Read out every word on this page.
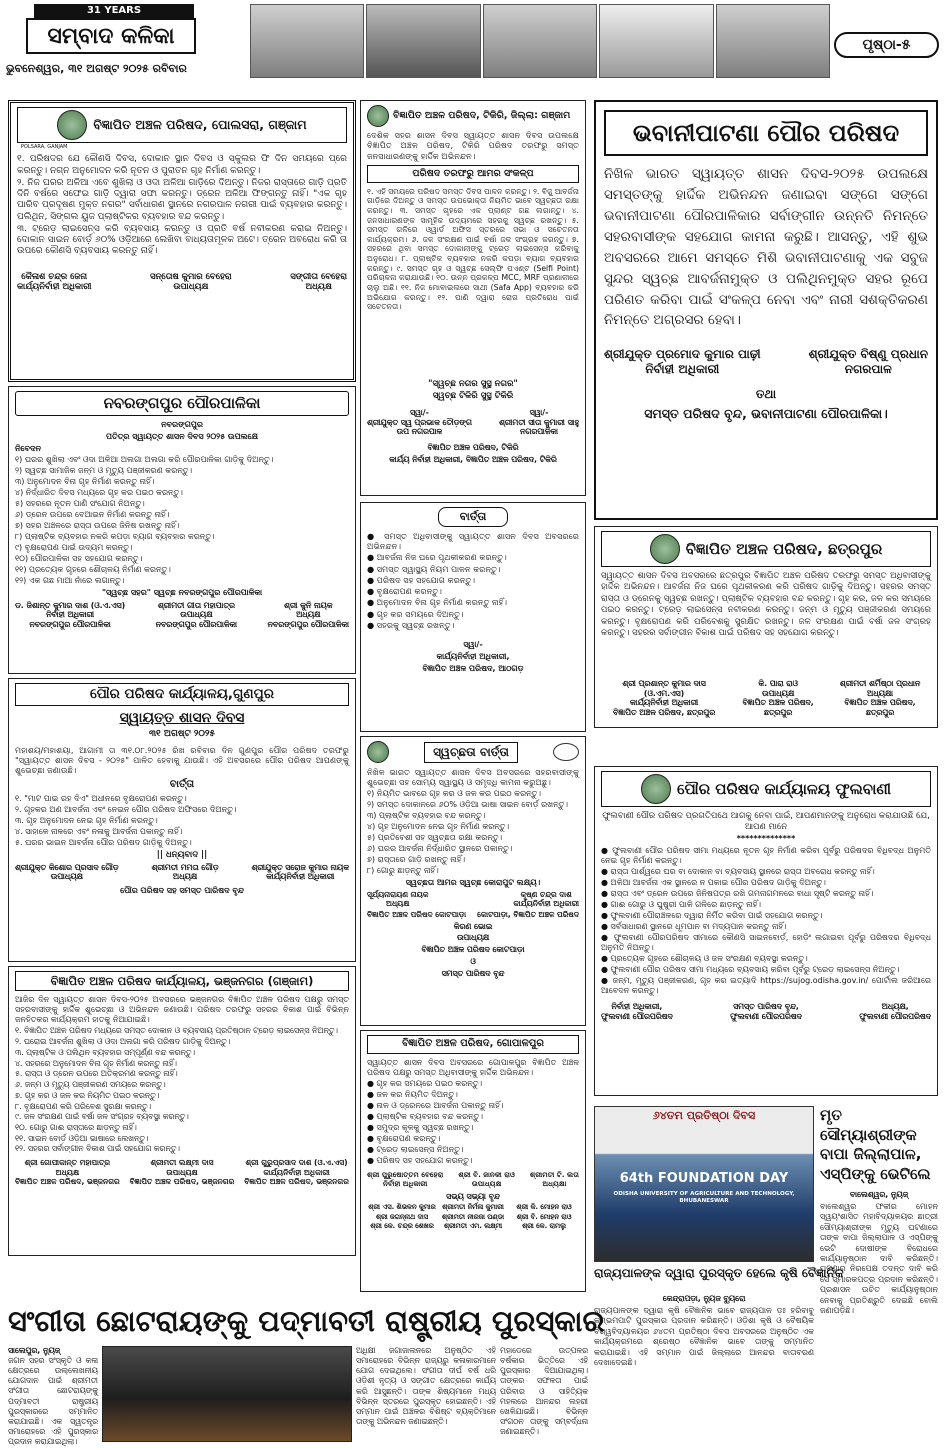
31 YEARS
ସମ୍ବାଦ କଳିକା
ଭୁବନେଶ୍ୱର, ୩୧ ଅଗଷ୍ଟ ୨୦୨୫ ରବିବାର
ପୃଷ୍ଠା-୫
ବିଜ୍ଞାପିତ ଅଞ୍ଚଳ ପରିଷଦ, ପୋଲସରା, ଗଞ୍ଜାମ
POLSARA, GANJAM
୧. ପରିଷଦର ଯେ କୌଣସି ଦିବସ, ଦୋକାନ ସ୍ଥାନ ଦିବସ ଓ ସ୍କୁଲର ଫି ଦିନ ସମୟରେ ପ୍ରେ କରନ୍ତୁ। ନଗ୍ନ ଅନୁମୋଦନ କରି ନୂତନ ଓ ପୁରାତନ ଗୃହ ନିର୍ମାଣ କରନ୍ତୁ।
୨. ନିଜ ଘରର ଅଳିଆ ଏବେ ଶୁଖିଲା ଓ ଓଦା ଅଳିଆ ଗାଡ଼ିରେ ଦିଅନ୍ତୁ। ନିଜର ରାସ୍ତାରେ ଗାଡ଼ି ପ୍ରତି ଦିନି ବର୍ଷରେ ସଫେଇ ଗାଡ଼ି ଦ୍ୱାରା ସଫା କରନ୍ତୁ। ଡ୍ରେନ ଅଳିଆ ଫିଙ୍ଗନ୍ତୁ ନାହିଁ। "ଏକ ଗୃହ ପାରିବ ପ୍ରଦୂଷଣ ମୁକ୍ତ ନଗର" ସର୍ବାଧାରଣ ସ୍ଥାନରେ ନଗରପାଳ ନଗରୀ ପାଇଁ ବ୍ୟବହାର କରନ୍ତୁ। ପଲିଥିନ, ସିଙ୍ଗଲ ୟୁଜ ପ୍ଲାଷ୍ଟିକର ବ୍ୟବହାର ବନ୍ଦ କରନ୍ତୁ।
୩. ଟ୍ରେଡ଼ ଲାଇସେନ୍ସ କରି ବ୍ୟବସାୟ କରନ୍ତୁ ଓ ପ୍ରତି ବର୍ଷ ନବୀକରଣ କରାଇ ନିଅନ୍ତୁ। ଦୋକାନ ସାଇନ ବୋର୍ଡ଼ ୬୦% ଓଡ଼ିଆରେ ଲେଖିବା ବାଧ୍ୟତାମୂଳକ ଅଟେ। ତ୍ରେନ ଅବରୋଧ କରି ତା ଉପରେ କୌଣସି ବ୍ୟବସାୟ କରନ୍ତୁ ନାହିଁ।
କୈଳାଶ ଚନ୍ଦ୍ର ଜେନା
କାର୍ଯ୍ୟନିର୍ବାହୀ ଅଧିକାରୀ
ସନ୍ତୋଷ କୁମାର ବେହେରା
ଉପାଧ୍ୟକ୍ଷ
ସଙ୍ଗୀତା ବେହେରା
ଅଧ୍ୟକ୍ଷ
ବିଜ୍ଞାପିତ ଅଞ୍ଚଳ ପରିଷଦ, ଟିକିରି, ଜିଲ୍ଲା: ଗଞ୍ଜାମ
ଦେଶିକ ସହର ଶାସନ ଦିବସ ସ୍ୱାୟତ୍ତ ଶାସନ ଦିବସ ଉପଲକ୍ଷେ ବିଜ୍ଞାପିତ ଅଞ୍ଚଳ ପରିଷଦ, ଟିକିରି ପରିଷଦ ତରଫରୁ ସମସ୍ତ ଜନସାଧାରଣଙ୍କୁ ହାର୍ଦ୍ଦିକ ଅଭିନନ୍ଦନ।
ପରିଷଦ ତରଫରୁ ଆମର ସଂକଳ୍ପ
୧. ଏହି ସମୟରେ ପରିଷଦ ସମସ୍ତ ଦିବସ ପାଳନ କରନ୍ତୁ। ୨. ବିଜୁ ଆବର୍ଜନା ଗାଡ଼ିରେ ଦିଅନ୍ତୁ ଓ ସମସ୍ତ ଉପଭୋକ୍ତା ନିୟମିତ ଭାବେ ସ୍ୱଚ୍ଛତା ରକ୍ଷା କରନ୍ତୁ। ୩. ସମସ୍ତ ଗୃହରେ ଏକ ପ୍ଲାଣ୍ଟ ଗଛ ଲଗାନ୍ତୁ। ୪. ଜନସାଧାରଣଙ୍କ ସାମୂହିକ ଉଦ୍ୟମରେ ସହରକୁ ସ୍ୱଚ୍ଛ ରଖନ୍ତୁ। ୫. ସମସ୍ତ ଗଳିରେ ଓ୍ୱାର୍ଡ ଅଫିସ ସ୍ତରରେ ସଭା ଓ ସଚେତନତା କାର୍ଯ୍ୟକ୍ରମ। ୬. ଜଳ ସଂରକ୍ଷଣ ପାଇଁ ବର୍ଷା ଜଳ ସଂଗ୍ରହ କରନ୍ତୁ। ୭. ସହରରେ ଥିବା ସମସ୍ତ ଦୋକାନୀଙ୍କୁ ଟ୍ରେଡ଼ ଲାଇସେନ୍ସ କରିବାକୁ ଅନୁରୋଧ। ୮. ପ୍ଲାଷ୍ଟିକ ବ୍ୟବହାର ନକରି କପଡ଼ା ବ୍ୟାଗ ବ୍ୟବହାର କରନ୍ତୁ। ୯. ସମସ୍ତ ଗୃହ ଓ ସ୍ୱଚ୍ଛ ସେଲ୍ଫି ପଏଣ୍ଟ (Selfi Point) ପରିଚାଳନା କରାଯାଉଛି। ୧୦. ଉନ୍ନ ପ୍ରକଳ୍ପ MCC, MRF ପ୍ରଣାଳୀରେ ଚାଲୁ ଅଛି। ୧୧. ନିଜ ମୋବାଇଲରେ ସାଥୀ (Safa App) ବ୍ୟବହାର କରି ଅଭିଯୋଗ କରନ୍ତୁ। ୧୨. ପାଣି ଦ୍ୱାରା ରୋଗ ପ୍ରତିରୋଧ ପାଇଁ ସଚେତନତା।
"ସ୍ୱଚ୍ଛ ନଗର ସୁସ୍ଥ ନଗର"
ସ୍ୱଚ୍ଛ ଟିକିରି ସୁସ୍ଥ ଟିକିରି
ସ୍ୱା/-
ଶ୍ରୀଯୁକ୍ତ ସ୍ୱ ପ୍ରଭାକ ତୌଡ଼ଙ୍ଗ
ଉପ ନଗରପାଳ
ସ୍ୱା/-
ଶ୍ରୀମତୀ ସୀତା କୁମାରୀ ସାହୁ
ନଗରପାଳିକା
ବିଜ୍ଞାପିତ ଅଞ୍ଚଳ ପରିଷଦ, ଟିକିରି
କାର୍ଯ୍ୟ ନିର୍ବାହୀ ଅଧିକାରୀ, ବିଜ୍ଞାପିତ ଅଞ୍ଚଳ ପରିଷଦ, ଟିକିରି
ଭବାନୀପାଟଣା ପୌର ପରିଷଦ
ନିଖିଳ ଭାରତ ସ୍ୱାୟତ୍ତ ଶାସନ ଦିବସ-୨୦୨୫ ଉପଲକ୍ଷେ ସମସ୍ତଙ୍କୁ ହାର୍ଦ୍ଦିକ ଅଭିନନ୍ଦନ ଜଣାଇବା ସଙ୍ଗେ ସଙ୍ଗେ ଭବାନୀପାଟଣା ପୌରପାଳିକାର ସର୍ବାଙ୍ଗୀନ ଉନ୍ନତି ନିମନ୍ତେ ସହରବାସୀଙ୍କ ସହଯୋଗ କାମନା କରୁଛି। ଆସନ୍ତୁ, ଏହି ଶୁଭ ଅବସରରେ ଆମେ ସମସ୍ତେ ମିଶି ଭବାନୀପାଟଣାକୁ ଏକ ସବୁଜ ସୁନ୍ଦର ସ୍ୱଚ୍ଛ ଆବର୍ଜନାମୁକ୍ତ ଓ ପଲିଥିନମୁକ୍ତ ସହର ରୂପେ ପରିଣତ କରିବା ପାଇଁ ସଂକଳ୍ପ ନେବା ଏବଂ ନାରୀ ସଶକ୍ତିକରଣ ନିମନ୍ତେ ଅଗ୍ରସର ହେବା।
ଶ୍ରୀଯୁକ୍ତ ପ୍ରମୋଦ କୁମାର ପାଢ଼ୀ
ନିର୍ବାହୀ ଅଧିକାରୀ
ଶ୍ରୀଯୁକ୍ତ ବିଷ୍ଣୁ ପ୍ରଧାନ
ନଗରପାଳ
ତଥା
ସମସ୍ତ ପରିଷଦ ବୃନ୍ଦ, ଭବାନୀପାଟଣା ପୌରପାଳିକା।
ନବରଙ୍ଗପୁର ପୌରପାଳିକା
ନବରଙ୍ଗପୁର
ପତିତ୍ର ସ୍ୱାୟତ୍ତ ଶାସନ ଦିବସ ୨୦୨୫ ଉପଲକ୍ଷେ
ନିବେଦନ
୧) ଘରର ଶୁଖିଲା ଏବଂ ଓଦା ଅଳିଆ ଅଲଗା ଅଲଗା କରି ପୌରପାଳିକା ଗାଡ଼ିକୁ ଦିଅନ୍ତୁ।
୨) ସ୍ୱଚ୍ଛ ସାମାଜିକ ଜନ୍ମ ଓ ମୃତ୍ୟୁ ପଞ୍ଜୀକରଣ କରନ୍ତୁ।
୩) ଅନୁମୋଦନ ବିନା ଗୃହ ନିର୍ମାଣ କରନ୍ତୁ ନାହିଁ।
୪) ନିର୍ଦ୍ଧାରିତ ଦିବସ ମଧ୍ୟରେ ଗୃହ କର ପଇଠ କରନ୍ତୁ।
୫) ସହରରେ ନୂତନ ପାଣି ସଂଯୋଗ ନିଅନ୍ତୁ।
୬) ଡ୍ରେନ ଉପରେ ବେଆଇନ ନିର୍ମାଣ କରନ୍ତୁ ନାହିଁ।
୭) ସହର ଅଞ୍ଚଳରେ ରାସ୍ତା ଉପରେ ଜିନିଷ ରଖନ୍ତୁ ନାହିଁ।
୮) ପ୍ଲାଷ୍ଟିକ ବ୍ୟବହାର ନକରି କପଡ଼ା ବ୍ୟାଗ ବ୍ୟବହାର କରନ୍ତୁ।
୯) ବୃକ୍ଷରୋପଣ ପାଇଁ ଉଦ୍ୟମ କରନ୍ତୁ।
୧୦) ପୌରପାଳିକା ସହ ସହଯୋଗ କରନ୍ତୁ।
୧୧) ପ୍ରତ୍ୟେକ ଗୃହରେ ଶୌଚାଳୟ ନିର୍ମାଣ କରନ୍ତୁ।
୧୨) ଏକ ଗଛ ମାଆ ନାଁରେ ଲଗାନ୍ତୁ।
"ସ୍ୱଚ୍ଛ ସହର" ସ୍ୱଚ୍ଛ ନବରଙ୍ଗପୁର ପୌରପାଳିକା
ଡ. ଜିଶାନ୍ତ କୁମାର ଦାଶ (ଓ.ଏ.ଏସ)
ନିର୍ବାହୀ ଅଧିକାରୀ
ନବରଙ୍ଗପୁର ପୌରପାଳିକା
ଶ୍ରୀମତୀ ଗୀତା ମହାପାତ୍ର
ଉପାଧ୍ୟକ୍ଷ
ନବରଙ୍ଗପୁର ପୌରପାଳିକା
ଶ୍ରୀ କୁନି ନାୟକ
ଅଧ୍ୟକ୍ଷ
ନବରଙ୍ଗପୁର ପୌରପାଳିକା
ବାର୍ତ୍ତା
● ସମସ୍ତ ଅଧିବାସୀଙ୍କୁ ସ୍ୱାୟତ୍ତ ଶାସନ ଦିବସ ଅବସରରେ ଅଭିନନ୍ଦନ।
● ଆବର୍ଜନା ନିଜ ଘରେ ପୃଥକୀକରଣ କରନ୍ତୁ।
● ସମସ୍ତ ସ୍ୱାସ୍ଥ୍ୟ ନିୟମ ପାଳନ କରନ୍ତୁ।
● ପରିଷଦ ସହ ସହଯୋଗ କରନ୍ତୁ।
● ବୃକ୍ଷରୋପଣ କରନ୍ତୁ।
● ଅନୁମୋଦନ ବିନା ଗୃହ ନିର୍ମାଣ କରନ୍ତୁ ନାହିଁ।
● ଗୃହ କର ସମୟରେ ଦିଅନ୍ତୁ।
● ସହରକୁ ସ୍ୱଚ୍ଛ ରଖନ୍ତୁ।
ସ୍ୱା/-
କାର୍ଯ୍ୟନିର୍ବାହୀ ଅଧିକାରୀ,
ବିଜ୍ଞାପିତ ଅଞ୍ଚଳ ପରିଷଦ, ଆଠଗଡ଼
ବିଜ୍ଞାପିତ ଅଞ୍ଚଳ ପରିଷଦ, ଛତ୍ରପୁର
ସ୍ୱାୟତ୍ତ ଶାସନ ଦିବସ ଅବସରରେ ଛତ୍ରପୁର ବିଜ୍ଞାପିତ ଅଞ୍ଚଳ ପରିଷଦ ତରଫରୁ ସମସ୍ତ ଅଧିବାସୀଙ୍କୁ ହାର୍ଦ୍ଦିକ ଅଭିନନ୍ଦନ। ଆବର୍ଜନା ନିଜ ଘରେ ପୃଥକୀକରଣ କରି ପରିଷଦ ଗାଡ଼ିକୁ ଦିଅନ୍ତୁ। ସହରର ସମସ୍ତ ରାସ୍ତା ଓ ଡ୍ରେନକୁ ସ୍ୱଚ୍ଛ ରଖନ୍ତୁ। ପ୍ଲାଷ୍ଟିକ ବ୍ୟବହାର ବନ୍ଦ କରନ୍ତୁ। ଗୃହ କର, ଜଳ କର ସମୟରେ ପଇଠ କରନ୍ତୁ। ଟ୍ରେଡ଼ ଲାଇସେନ୍ସ ନବୀକରଣ କରନ୍ତୁ। ଜନ୍ମ ଓ ମୃତ୍ୟୁ ପଞ୍ଜୀକରଣ ସମୟରେ କରନ୍ତୁ। ବୃକ୍ଷରୋପଣ କରି ପରିବେଶକୁ ସୁରକ୍ଷିତ ରଖନ୍ତୁ। ଜଳ ସଂରକ୍ଷଣ ପାଇଁ ବର୍ଷା ଜଳ ସଂଗ୍ରହ କରନ୍ତୁ। ସହରର ସର୍ବାଙ୍ଗୀନ ବିକାଶ ପାଇଁ ପରିଷଦ ସହ ସହଯୋଗ କରନ୍ତୁ।
ଶ୍ରୀ ପ୍ରଶାନ୍ତ କୁମାର ଦାସ (ଓ.ଏମ.ଏସ)
କାର୍ଯ୍ୟନିର୍ବାହୀ ଅଧିକାରୀ
ବିଜ୍ଞାପିତ ଅଞ୍ଚଳ ପରିଷଦ, ଛତ୍ରପୁର
କି. ପାରା ରାଓ
ଉପାଧ୍ୟକ୍ଷ
ବିଜ୍ଞାପିତ ଅଞ୍ଚଳ ପରିଷଦ, ଛତ୍ରପୁର
ଶ୍ରୀମତୀ ଶର୍ମିଷ୍ଠା ପ୍ରଧାନ
ଅଧ୍ୟକ୍ଷା
ବିଜ୍ଞାପିତ ଅଞ୍ଚଳ ପରିଷଦ, ଛତ୍ରପୁର
ପୌର ପରିଷଦ କାର୍ଯ୍ୟାଳୟ,ଗୁଣପୁର
ସ୍ୱାୟତ୍ତ ଶାସନ ଦିବସ
୩୧ ଅଗଷ୍ଟ ୨୦୨୫
ମହାଶୟ/ମହାଶୟା, ଆଗାମୀ ତା ୩୧.୦୮.୨୦୨୫ ରିଖ ରବିବାର ଦିନ ଗୁଣପୁର ପୌର ପରିଷଦ ତରଫରୁ "ସ୍ୱାୟତ୍ତ ଶାସନ ଦିବସ - ୨୦୨୫" ପାଳିତ ହେବାକୁ ଯାଉଛି। ଏହି ଅବସରରେ ପୌର ପରିଷଦ ଆପଣଙ୍କୁ ଶୁଭେଚ୍ଛା ଜଣାଉଛି।
ବାର୍ତ୍ତା
୧. "ମାଟ ପାଇ ରହ ଦିଏ" ଅଧୀନରେ ବୃକ୍ଷରୋପଣ କରନ୍ତୁ।
୨. ଗୃହକର ଅଣ ଆବର୍ଜନା ଏବଂ ନେଇନ ପୌର ପରିଷଦ ଅଫିସରେ ଦିଅନ୍ତୁ।
୩. ଗୃହ ଅନୁମୋଦନ ନେଇ ଗୃହ ନିର୍ମାଣ କରନ୍ତୁ।
୪. ସାହାଳେ ନାଳରେ ଏବଂ ନଳାକୁ ଆବର୍ଜନା ପକାନ୍ତୁ ନାହିଁ।
୫. ଘରର ଭାଇନ ଆବର୍ଜନା ପୌର ପରିଷଦ ଗାଡ଼ିକୁ ଦିଅନ୍ତୁ।
|| ଧନ୍ୟବାଦ ||
ଶ୍ରୀଯୁକ୍ତ କିଶୋର ପ୍ରସାଦ ଗୌଡ଼
ଉପାଧ୍ୟକ୍ଷ
ଶ୍ରୀମତୀ ମମତା ଗୌଡ଼
ଅଧ୍ୟକ୍ଷ
ଶ୍ରୀଯୁକ୍ତ ସରୋଜ କୁମାର ନାୟକ
କାର୍ଯ୍ୟନିର୍ବାହୀ ଅଧିକାରୀ
ପୌର ପରିଷଦ ସହ ସମସ୍ତ ପାରିଷଦ ବୃନ୍ଦ
ସ୍ୱଚ୍ଛତା ବାର୍ତ୍ତା
ନିଖିଳ ଭାରତ ସ୍ୱାୟତ୍ତ ଶାସନ ଦିବସ ଅବସରରେ ସହରବାସୀଙ୍କୁ ଶୁଭେଚ୍ଛା ସହ ସୋମ୍ୟ ସ୍ୱାସ୍ଥ୍ୟ ଓ ସମୃଦ୍ଧି କାମନା କରୁଅଛୁ।
୧) ନିୟମିତ ଭାବରେ ଗୃହ କର ଓ ଜଳ କର ପଇଠ କରନ୍ତୁ।
୨) ସମସ୍ତ ଦୋକାନରେ ୬୦% ଓଡ଼ିଆ ଭାଷା ସାଇନ ବୋର୍ଡ଼ ରଖନ୍ତୁ।
୩) ପ୍ଲାଷ୍ଟିକ ବ୍ୟବହାର ବନ୍ଦ କରନ୍ତୁ।
୪) ଗୃହ ଅନୁମୋଦନ ନେଇ ଗୃହ ନିର୍ମାଣ କରନ୍ତୁ।
୫) ପ୍ରତିବେଶୀ ସହ ସ୍ୱଚ୍ଛତା ରକ୍ଷା କରନ୍ତୁ।
୬) ଘରର ଆବର୍ଜନା ନିର୍ଦ୍ଧାରିତ ସ୍ଥାନରେ ପକାନ୍ତୁ।
୭) ରାସ୍ତାରେ ଗାଡ଼ି ରଖନ୍ତୁ ନାହିଁ।
୮) ଗୋରୁ ଛାଡ଼ନ୍ତୁ ନାହିଁ।
ସ୍ୱଚ୍ଛତା ଆମର ସ୍ୱଚ୍ଛ କୋରାପୁଟ ଲକ୍ଷ୍ୟ।
ସୂର୍ଯ୍ୟନାରାୟଣ ନାୟକ
ଅଧ୍ୟକ୍ଷ
କୃଷ୍ଣ ଚନ୍ଦ୍ର ଦାଶ
କାର୍ଯ୍ୟନିର୍ବାହୀ ଅଧିକାରୀ
ବିଜ୍ଞାପିତ ଅଞ୍ଚଳ ପରିଷଦ କୋଟପାଡ଼ା କୋଟପାଡ଼ା, ବିଜ୍ଞାପିତ ଅଞ୍ଚଳ ପରିଷଦ
କିରଣ ଭୋଇ
ଉପାଧ୍ୟକ୍ଷ
ବିଜ୍ଞାପିତ ଅଞ୍ଚଳ ପରିଷଦ କୋଟପାଡ଼ା
ଓ
ସମସ୍ତ ପାରିଷଦ ବୃନ୍ଦ
ପୌର ପରିଷଦ କାର୍ଯ୍ୟାଳୟ ଫୁଲବାଣୀ
ଫୁଲବାଣୀ ପୌର ପରିଷଦ ପ୍ରଗତିପଥେ ଆଗକୁ ନେବା ପାଇଁ, ଆପଣମାନଙ୍କୁ ଅନୁରୋଧ କରାଯାଉଛି ଯେ, ଆପଣ ମାନେ
**************
● ଫୁଲବାଣୀ ପୌର ପରିଷଦ ସୀମା ମଧ୍ୟରେ ନୂତନ ଗୃହ ନିର୍ମାଣ କରିବା ପୂର୍ବରୁ ପରିଷଦର ବିଧିବଦ୍ଧ ଅନୁମତି ନେଇ ଗୃହ ନିର୍ମାଣ କରନ୍ତୁ।
● ରାସ୍ତା ପାର୍ଶ୍ୱରେ ଘର ବା ଦୋକାନ ବା ବ୍ୟବସାୟ ସ୍ଥାନରେ ରାସ୍ତା ଅବରୋଧ କରନ୍ତୁ ନାହିଁ।
● ଅଳିଆ ଆବର୍ଜନା ଏକ ସ୍ଥାନରେ ନ ପକାଇ ପୌର ପରିଷଦ ଗାଡ଼ିକୁ ଦିଅନ୍ତୁ।
● ରାସ୍ତା ଏବଂ ଡ୍ରେନ ଉପରେ ଜିନିଷପତ୍ର ରଖି ଗମନାଗମନରେ ବାଧା ସୃଷ୍ଟି କରନ୍ତୁ ନାହିଁ।
● ଗାଈ ଗୋରୁ ଓ ଘୁଷୁରୀ ପାଳି ଗଳିରେ ଛାଡ଼ନ୍ତୁ ନାହିଁ।
● ଫୁଲବାଣୀ ପୌରାଞ୍ଚଳରେ ଦ୍ୱାରା ନିର୍ମିତ କରିବା ପାଇଁ ସହଯୋଗ କରନ୍ତୁ।
● ସର୍ବସାଧାରଣ ସ୍ଥାନରେ ଧୂମପାନ ବା ମଦ୍ୟପାନ କରନ୍ତୁ ନାହିଁ।
● ଫୁଲବାଣୀ ପୌରପରିଷଦ ସୀମାରେ କୌଣସି ସାଇନବୋର୍ଡ଼, ହୋଡ଼ିଂ ଲଗାଇବା ପୂର୍ବରୁ ପରିଷଦର ବିଧିବଦ୍ଧ ଅନୁମତି ନିଅନ୍ତୁ।
● ପ୍ରତ୍ୟେକ ଗୃହରେ ଶୌଚାଳୟ ଓ ଜଳ ସଂରକ୍ଷଣ ବ୍ୟବସ୍ଥା କରନ୍ତୁ।
● ଫୁଲବାଣୀ ପୌର ପରିଷଦ ସୀମା ମଧ୍ୟରେ ବ୍ୟବସାୟ କରିବା ପୂର୍ବରୁ ଟ୍ରେଡ଼ ଲାଇସେନ୍ସ ନିଅନ୍ତୁ।
● ଜନ୍ମ, ମୃତ୍ୟୁ ପଞ୍ଜୀକରଣ, ଗୃହ କର ଇତ୍ୟାଦି https://sujog.odisha.gov.in/ ପୋର୍ଟାଲ ଜରିଆରେ ଆବେଦନ କରନ୍ତୁ।
ନିର୍ବାହୀ ଅଧିକାରୀ,
ଫୁଲବାଣୀ ପୌରପରିଷଦ
ସମସ୍ତ ପାରିଷଦ ବୃନ୍ଦ,
ଫୁଲବାଣୀ ପୌରପରିଷଦ
ଅଧ୍ୟକ୍ଷ,
ଫୁଲବାଣୀ ପୌରପରିଷଦ
ବିଜ୍ଞାପିତ ଅଞ୍ଚଳ ପରିଷଦ କାର୍ଯ୍ୟାଳୟ, ଭଞ୍ଜନଗର (ଗଞ୍ଜାମ)
ଆଜିର ଦିନ ସ୍ୱାୟତ୍ତ ଶାସନ ଦିବସ-୨୦୨୫ ଅବସରରେ ଭଞ୍ଜନଗର ବିଜ୍ଞାପିତ ଅଞ୍ଚଳ ପରିଷଦ ପକ୍ଷରୁ ସମସ୍ତ ସହରବାସୀଙ୍କୁ ହାର୍ଦ୍ଦିକ ଶୁଭେଚ୍ଛା ଓ ଅଭିନନ୍ଦନ ଜଣାଉଛି। ପରିଷଦ ତରଫରୁ ସହରର ବିକାଶ ପାଇଁ ବିଭିନ୍ନ ଜନହିତକର କାର୍ଯ୍ୟକ୍ରମ ହାତକୁ ନିଆଯାଇଛି।
୧. ବିଜ୍ଞାପିତ ଅଞ୍ଚଳ ପରିଷଦ ମଧ୍ୟରେ ସମସ୍ତ ଦୋକାନ ଓ ବ୍ୟବସାୟ ପ୍ରତିଷ୍ଠାନ ଟ୍ରେଡ଼ ଲାଇସେନ୍ସ ନିଅନ୍ତୁ।
୨. ଘରୋଇ ଆବର୍ଜନା ଶୁଖିଲା ଓ ଓଦା ଅଲଗା କରି ପରିଷଦ ଗାଡ଼ିକୁ ଦିଅନ୍ତୁ।
୩. ପ୍ଲାଷ୍ଟିକ ଓ ପଲିଥିନ ବ୍ୟବହାର ସମ୍ପୂର୍ଣ୍ଣ ବନ୍ଦ କରନ୍ତୁ।
୪. ସହରରେ ଅନୁମୋଦନ ବିନା ଗୃହ ନିର୍ମାଣ କରନ୍ତୁ ନାହିଁ।
୫. ରାସ୍ତା ଓ ଡ୍ରେନ ଉପରେ ଅତିକ୍ରମଣ କରନ୍ତୁ ନାହିଁ।
୬. ଜନ୍ମ ଓ ମୃତ୍ୟୁ ପଞ୍ଜୀକରଣ ସମୟରେ କରନ୍ତୁ।
୭. ଗୃହ କର ଓ ଜଳ କର ନିୟମିତ ପଇଠ କରନ୍ତୁ।
୮. ବୃକ୍ଷରୋପଣ କରି ପରିବେଶ ସୁରକ୍ଷା କରନ୍ତୁ।
୯. ଜଳ ସଂରକ୍ଷଣ ପାଇଁ ବର୍ଷା ଜଳ ସଂଗ୍ରହ ବ୍ୟବସ୍ଥା କରନ୍ତୁ।
୧୦. ଗୋରୁ ଗାଈ ରାସ୍ତାରେ ଛାଡ଼ନ୍ତୁ ନାହିଁ।
୧୧. ସାଇନ ବୋର୍ଡ଼ ଓଡ଼ିଆ ଭାଷାରେ ଲେଖନ୍ତୁ।
୧୨. ସହରର ସର୍ବାଙ୍ଗୀନ ବିକାଶ ପାଇଁ ସହଯୋଗ କରନ୍ତୁ।
ଶ୍ରୀ ଗୋପୀକାନ୍ତ ମହାପାତ୍ର
ଅଧ୍ୟକ୍ଷ
ବିଜ୍ଞାପିତ ଅଞ୍ଚଳ ପରିଷଦ, ଭଞ୍ଜନଗର
ଶ୍ରୀମତୀ ଲକ୍ଷ୍ମୀ ଦାସ
ଉପାଧ୍ୟକ୍ଷ
ବିଜ୍ଞାପିତ ଅଞ୍ଚଳ ପରିଷଦ, ଭଞ୍ଜନଗର
ଶ୍ରୀ ଗୁରୁପ୍ରସାଦ ଦାଶ (ଓ.ଏ.ଏସ)
କାର୍ଯ୍ୟନିର୍ବାହୀ ଅଧିକାରୀ
ବିଜ୍ଞାପିତ ଅଞ୍ଚଳ ପରିଷଦ, ଭଞ୍ଜନଗର
ବିଜ୍ଞାପିତ ଅଞ୍ଚଳ ପରିଷଦ, ଗୋପାଳପୁର
ସ୍ୱାୟତ୍ତ ଶାସନ ଦିବସ ଅବସରରେ ଗୋପାଳପୁର ବିଜ୍ଞାପିତ ଅଞ୍ଚଳ ପରିଷଦ ପକ୍ଷରୁ ସମସ୍ତ ଅଧିବାସୀଙ୍କୁ ହାର୍ଦ୍ଦିକ ଅଭିନନ୍ଦନ।
● ଗୃହ କର ସମୟରେ ପଇଠ କରନ୍ତୁ।
● ଜଳ କର ନିୟମିତ ଦିଅନ୍ତୁ।
● ନାଳ ଓ ଡ୍ରେନରେ ଆବର୍ଜନା ପକାନ୍ତୁ ନାହିଁ।
● ପ୍ଲାଷ୍ଟିକ ବ୍ୟବହାର ବନ୍ଦ କରନ୍ତୁ।
● ସମୁଦ୍ର କୂଳକୁ ସ୍ୱଚ୍ଛ ରଖନ୍ତୁ।
● ବୃକ୍ଷରୋପଣ କରନ୍ତୁ।
● ଟ୍ରେଡ଼ ଲାଇସେନ୍ସ ନିଅନ୍ତୁ।
● ପରିଷଦ ସହ ସହଯୋଗ କରନ୍ତୁ।
ଶ୍ରୀ ପୁରୁଷୋତ୍ତମ ବେହେରା
ନିର୍ବାହୀ ଅଧିକାରୀ
ଶ୍ରୀ ବି. ଜାନକୀ ରାଓ
ଉପାଧ୍ୟକ୍ଷ
ଶ୍ରୀମତୀ ଟି. ଲତା
ଅଧ୍ୟକ୍ଷା
ସଭ୍ୟ ସଭ୍ୟା ବୃନ୍ଦ
ଶ୍ରୀ ଏସ. ଶିଭଳନ କୁମାର ଶ୍ରୀମତୀ ନିର୍ମଳା କୁମାରୀ	ଶ୍ରୀ କି. ମୋହନ ରାଓ
ଶ୍ରୀ ଜଗନ୍ନାଥ ଦାସ	ଶ୍ରୀମତୀ ନୀରଜା ପଣ୍ଡା	ଶ୍ରୀ ବି. ମୋହନ ରାଓ
ଶ୍ରୀ କେ. ଚନ୍ଦ୍ର ଶେଖର	ଶ୍ରୀମତୀ ଏମ. ଲକ୍ଷ୍ମୀ	ଶ୍ରୀ କେ. ରାମଲୁ
୬୪ତମ ପ୍ରତିଷ୍ଠା ଦିବସ
64th FOUNDATION DAY
ODISHA UNIVERSITY OF AGRICULTURE AND TECHNOLOGY, BHUBANESWAR
ରାଜ୍ୟପାଳଙ୍କ ଦ୍ୱାରା ପୁରସ୍କୃତ ହେଲେ କୃଷି ବୈଜ୍ଞାନିକ
କେନ୍ଦ୍ରାପଡ଼ା, ନ୍ୟୁଜ ବ୍ୟୁରୋ
ରାଜ୍ୟପାଳଙ୍କ ଦ୍ୱାରା କୃଷି ବୈଜ୍ଞାନିକ ଭାବେ ରାଜ୍ୟପାଳ ଡ଼ଃ ହରିବାବୁ କମ୍ଭମପାଟି ପୁରସ୍କାର ପ୍ରଦାନ କରିଛନ୍ତି। ଓଡ଼ିଶା କୃଷି ଓ ବୈଷୟିକ ବିଶ୍ୱବିଦ୍ୟାଳୟର ୬୪ତମ ପ୍ରତିଷ୍ଠା ଦିବସ ଅବସରରେ ଅନୁଷ୍ଠିତ ଏକ କାର୍ଯ୍ୟକ୍ରମରେ ଶ୍ରେଷ୍ଠ ବୈଜ୍ଞାନିକ ଭାବେ ତାଙ୍କୁ ସମ୍ମାନିତ କରାଯାଇଛି। ଏହି ସମ୍ମାନ ପାଇଁ ଜିଲ୍ଲାରେ ଆନନ୍ଦର ବାତାବରଣ ଦେଖାଦେଇଛି।
ମୃତ ସୌମ୍ୟାଶ୍ରୀଙ୍କ ବାପା ଜିଲ୍ଲାପାଳ, ଏସ୍‌ପିଙ୍କୁ ଭେଟିଲେ
ବାଲେଶ୍ୱର, ନ୍ୟୁଜ୍
ବାଲେଶ୍ୱର ଫକୀର ମୋହନ ସ୍ୱୟଂଶାସିତ ମହାବିଦ୍ୟାଳୟର ଛାତ୍ରୀ ସୌମ୍ୟାଶ୍ରୀଙ୍କ ମୃତ୍ୟୁ ଘଟଣାରେ ତାଙ୍କ ବାପା ଜିଲ୍ଲାପାଳ ଓ ଏସ୍‌ପିଙ୍କୁ ଭେଟି ଦୋଷୀଙ୍କ ବିରୋଧରେ କାର୍ଯ୍ୟାନୁଷ୍ଠାନ ଦାବି କରିଛନ୍ତି। ଘଟଣାର ନିରପେକ୍ଷ ତଦନ୍ତ ଦାବି କରି ସେ ସ୍ମାରକପତ୍ର ପ୍ରଦାନ କରିଛନ୍ତି। ପ୍ରଶାସନ ଉଚିତ କାର୍ଯ୍ୟାନୁଷ୍ଠାନ ନେବାକୁ ପ୍ରତିଶ୍ରୁତି ଦେଇଛି ବୋଲି ଜଣାପଡ଼ିଛି।
ସଂଗୀତା ଛୋଟରାୟଙ୍କୁ ପଦ୍ମାବତୀ ରାଷ୍ଟ୍ରୀୟ ପୁରସ୍କାର
ସାଲେପୁର, ନ୍ୟୁଜ୍
ଜଗନ ସହର ସଂସ୍କୃତି ଓ କଳା କ୍ଷେତ୍ରରେ ଉଲ୍ଲେଖନୀୟ ଯୋଗଦାନ ପାଇଁ ଶ୍ରୀମତୀ ସଂଗୀତା ଛୋଟରାୟଙ୍କୁ ପଦ୍ମାବତୀ ରାଷ୍ଟ୍ରୀୟ ପୁରସ୍କାରରେ ସମ୍ମାନିତ କରାଯାଇଛି। ଏକ ସ୍ୱତନ୍ତ୍ର ସମାରୋହରେ ଏହି ପୁରସ୍କାର ପ୍ରଦାନ କରାଯାଇଥିଲା।
ଅଧିକ୍ଷୀ ଜଗାଜାଲନରେ ଅନୁଷ୍ଠିତ ଏହି ସମାରୋହରେ ବିଭିନ୍ନ ରାଜ୍ୟରୁ କଳାକାରମାନେ ଯୋଗ ଦେଇଥିଲେ। ସଂଗୀତା ଦୀର୍ଘ ବର୍ଷ ଧରି ଓଡ଼ିଶୀ ନୃତ୍ୟ ଓ ସଙ୍ଗୀତ କ୍ଷେତ୍ରରେ କାର୍ଯ୍ୟ କରି ଆସୁଛନ୍ତି। ତାଙ୍କ ଶିଷ୍ୟମାନେ ମଧ୍ୟ ବିଭିନ୍ନ ସ୍ତରରେ ପୁରସ୍କୃତ ହୋଇଛନ୍ତି। ଏହି ସମ୍ମାନ ପାଇଁ ଅଞ୍ଚଳର ବିଶିଷ୍ଟ ବ୍ୟକ୍ତିମାନେ ତାଙ୍କୁ ଅଭିନନ୍ଦନ ଜଣାଇଛନ୍ତି।
ମହାଡେରେ ଉତ୍ପଳର ବର୍ଷକାର ଭିତ୍ତିରେ ଏହି ପୁରସ୍କାର ଦିଆଯାଇଥିଲା। ତାଙ୍କର ସଫଳତା ପାଇଁ ପରିବାର ଓ ସାହିତ୍ୟିକ ମହଲରେ ଆନନ୍ଦର ଲହରୀ ଖେଳିଯାଇଛି। ବିଭିନ୍ନ ସଂଗଠନ ତାଙ୍କୁ ସମ୍ବର୍ଦ୍ଧନା ଜଣାଇଛନ୍ତି।
